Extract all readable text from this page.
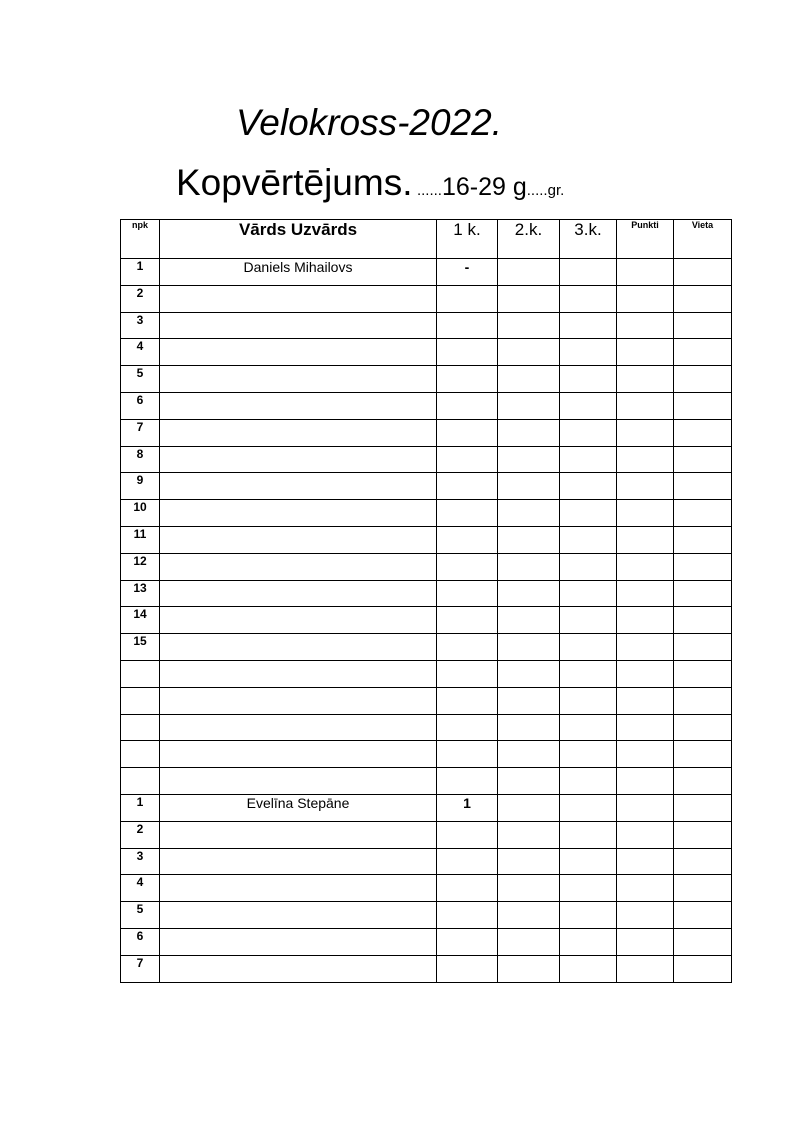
Velokross-2022.
Kopvērtējums. ......16-29 g.....gr.
npk	Vārds Uzvārds	1 k.	2.k.	3.k.	Punkti	Vieta
1	Daniels Mihailovs	-				
2						
3						
4						
5						
6						
7						
8						
9						
10						
11						
12						
13						
14						
15						

1	Evelīna Stepāne	1				
2						
3						
4						
5						
6						
7						
